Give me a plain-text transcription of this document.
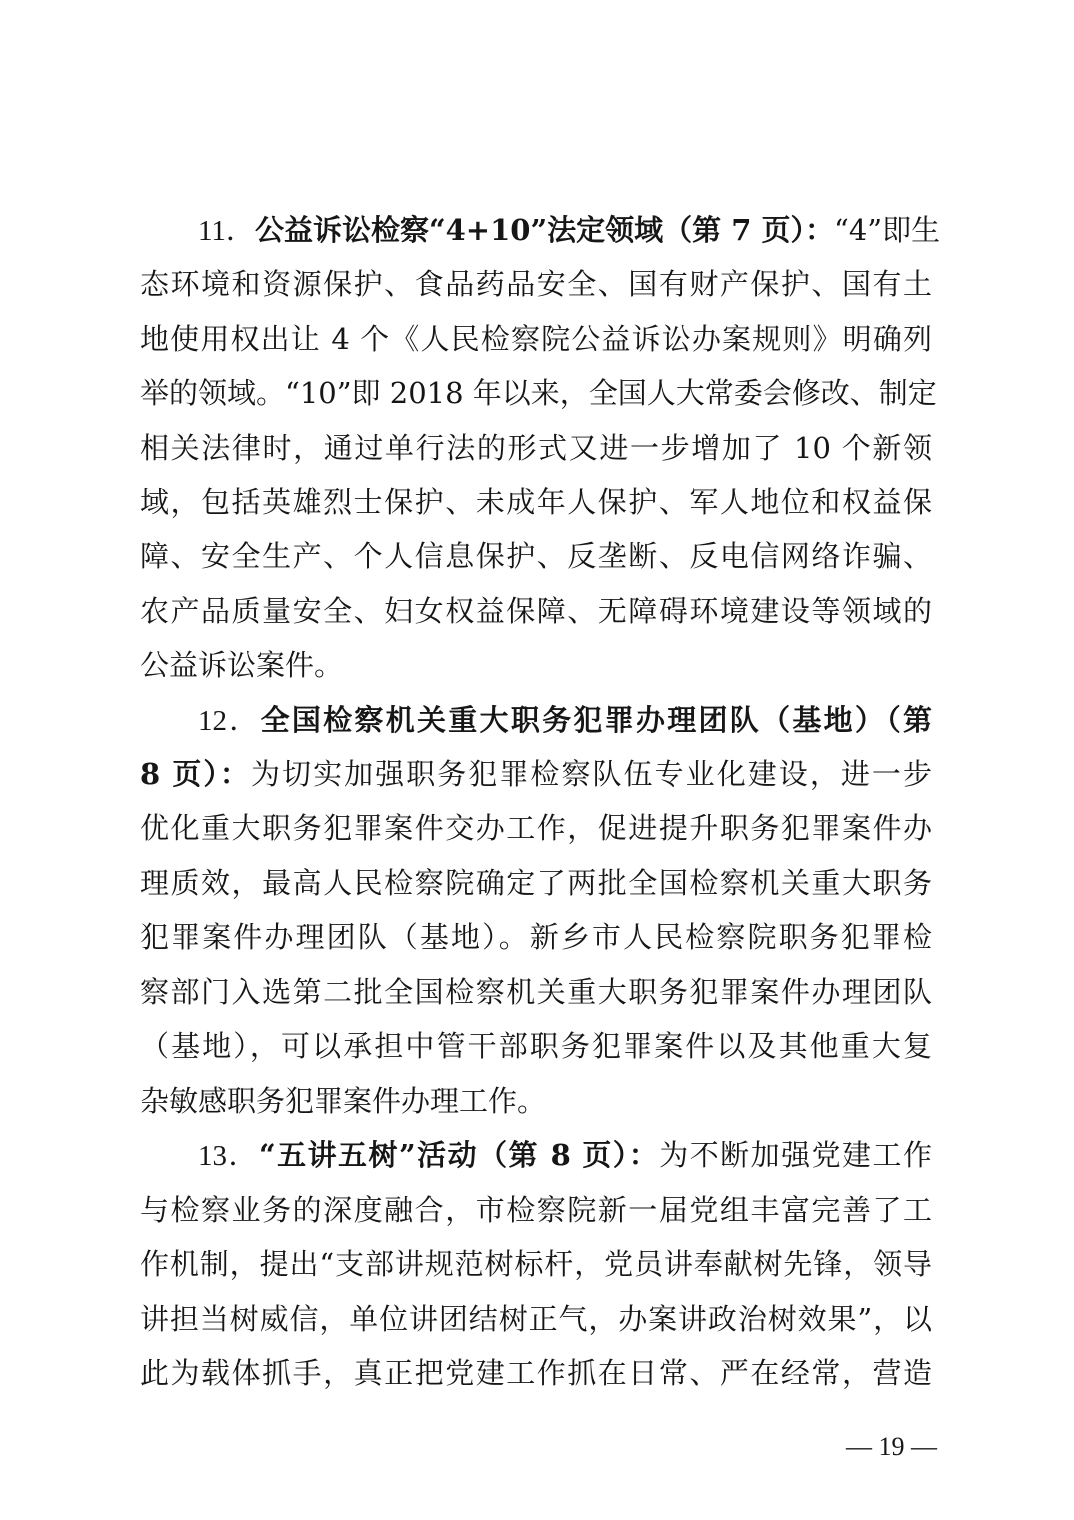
11．公益诉讼检察“4+10”法定领域（第 7 页）：“4”即生
态环境和资源保护、食品药品安全、国有财产保护、国有土
地使用权出让 4 个《人民检察院公益诉讼办案规则》明确列
举的领域。“10”即 2018 年以来，全国人大常委会修改、制定
相关法律时，通过单行法的形式又进一步增加了 10 个新领
域，包括英雄烈士保护、未成年人保护、军人地位和权益保
障、安全生产、个人信息保护、反垄断、反电信网络诈骗、
农产品质量安全、妇女权益保障、无障碍环境建设等领域的
公益诉讼案件。
12．全国检察机关重大职务犯罪办理团队（基地）（第
8 页）：为切实加强职务犯罪检察队伍专业化建设，进一步
优化重大职务犯罪案件交办工作，促进提升职务犯罪案件办
理质效，最高人民检察院确定了两批全国检察机关重大职务
犯罪案件办理团队（基地）。新乡市人民检察院职务犯罪检
察部门入选第二批全国检察机关重大职务犯罪案件办理团队
（基地），可以承担中管干部职务犯罪案件以及其他重大复
杂敏感职务犯罪案件办理工作。
13．“五讲五树”活动（第 8 页）：为不断加强党建工作
与检察业务的深度融合，市检察院新一届党组丰富完善了工
作机制，提出“支部讲规范树标杆，党员讲奉献树先锋，领导
讲担当树威信，单位讲团结树正气，办案讲政治树效果”，以
此为载体抓手，真正把党建工作抓在日常、严在经常，营造
— 19 —
